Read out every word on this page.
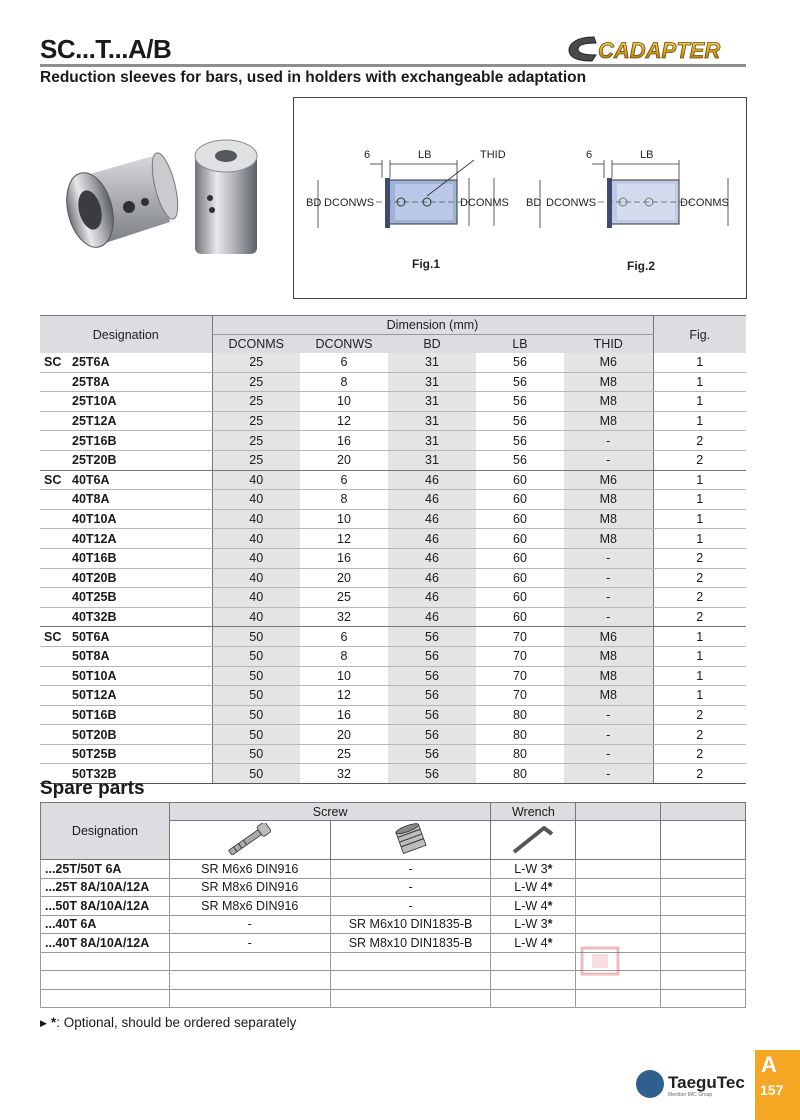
SC...T...A/B	CADAPTER
Reduction sleeves for bars, used in holders with exchangeable adaptation
6	LB	THID
BD DCONWS	DCONMS
Fig.1
6	LB
BD DCONWS	DCONMS
Fig.2
Designation	Dimension (mm)					Fig.
	DCONMS	DCONWS	BD	LB	THID	
SC 25T6A	25	6	31	56	M6	1
25T8A	25	8	31	56	M8	1
25T10A	25	10	31	56	M8	1
25T12A	25	12	31	56	M8	1
25T16B	25	16	31	56	-	2
25T20B	25	20	31	56	-	2
SC 40T6A	40	6	46	60	M6	1
40T8A	40	8	46	60	M8	1
40T10A	40	10	46	60	M8	1
40T12A	40	12	46	60	M8	1
40T16B	40	16	46	60	-	2
40T20B	40	20	46	60	-	2
40T25B	40	25	46	60	-	2
40T32B	40	32	46	60	-	2
SC 50T6A	50	6	56	70	M6	1
50T8A	50	8	56	70	M8	1
50T10A	50	10	56	70	M8	1
50T12A	50	12	56	70	M8	1
50T16B	50	16	56	80	-	2
50T20B	50	20	56	80	-	2
50T25B	50	25	56	80	-	2
50T32B	50	32	56	80	-	2
Spare parts
Designation	Screw		Wrench		

...25T/50T 6A	SR M6x6 DIN916	-	L-W 3*		
...25T 8A/10A/12A	SR M8x6 DIN916	-	L-W 4*		
...50T 8A/10A/12A	SR M8x6 DIN916	-	L-W 4*		
...40T 6A	-	SR M6x10 DIN1835-B	L-W 3*		
...40T 8A/10A/12A	-	SR M8x10 DIN1835-B	L-W 4*		

▶ *: Optional, should be ordered separately
TaeguTec
Member IMC Group
A
157
